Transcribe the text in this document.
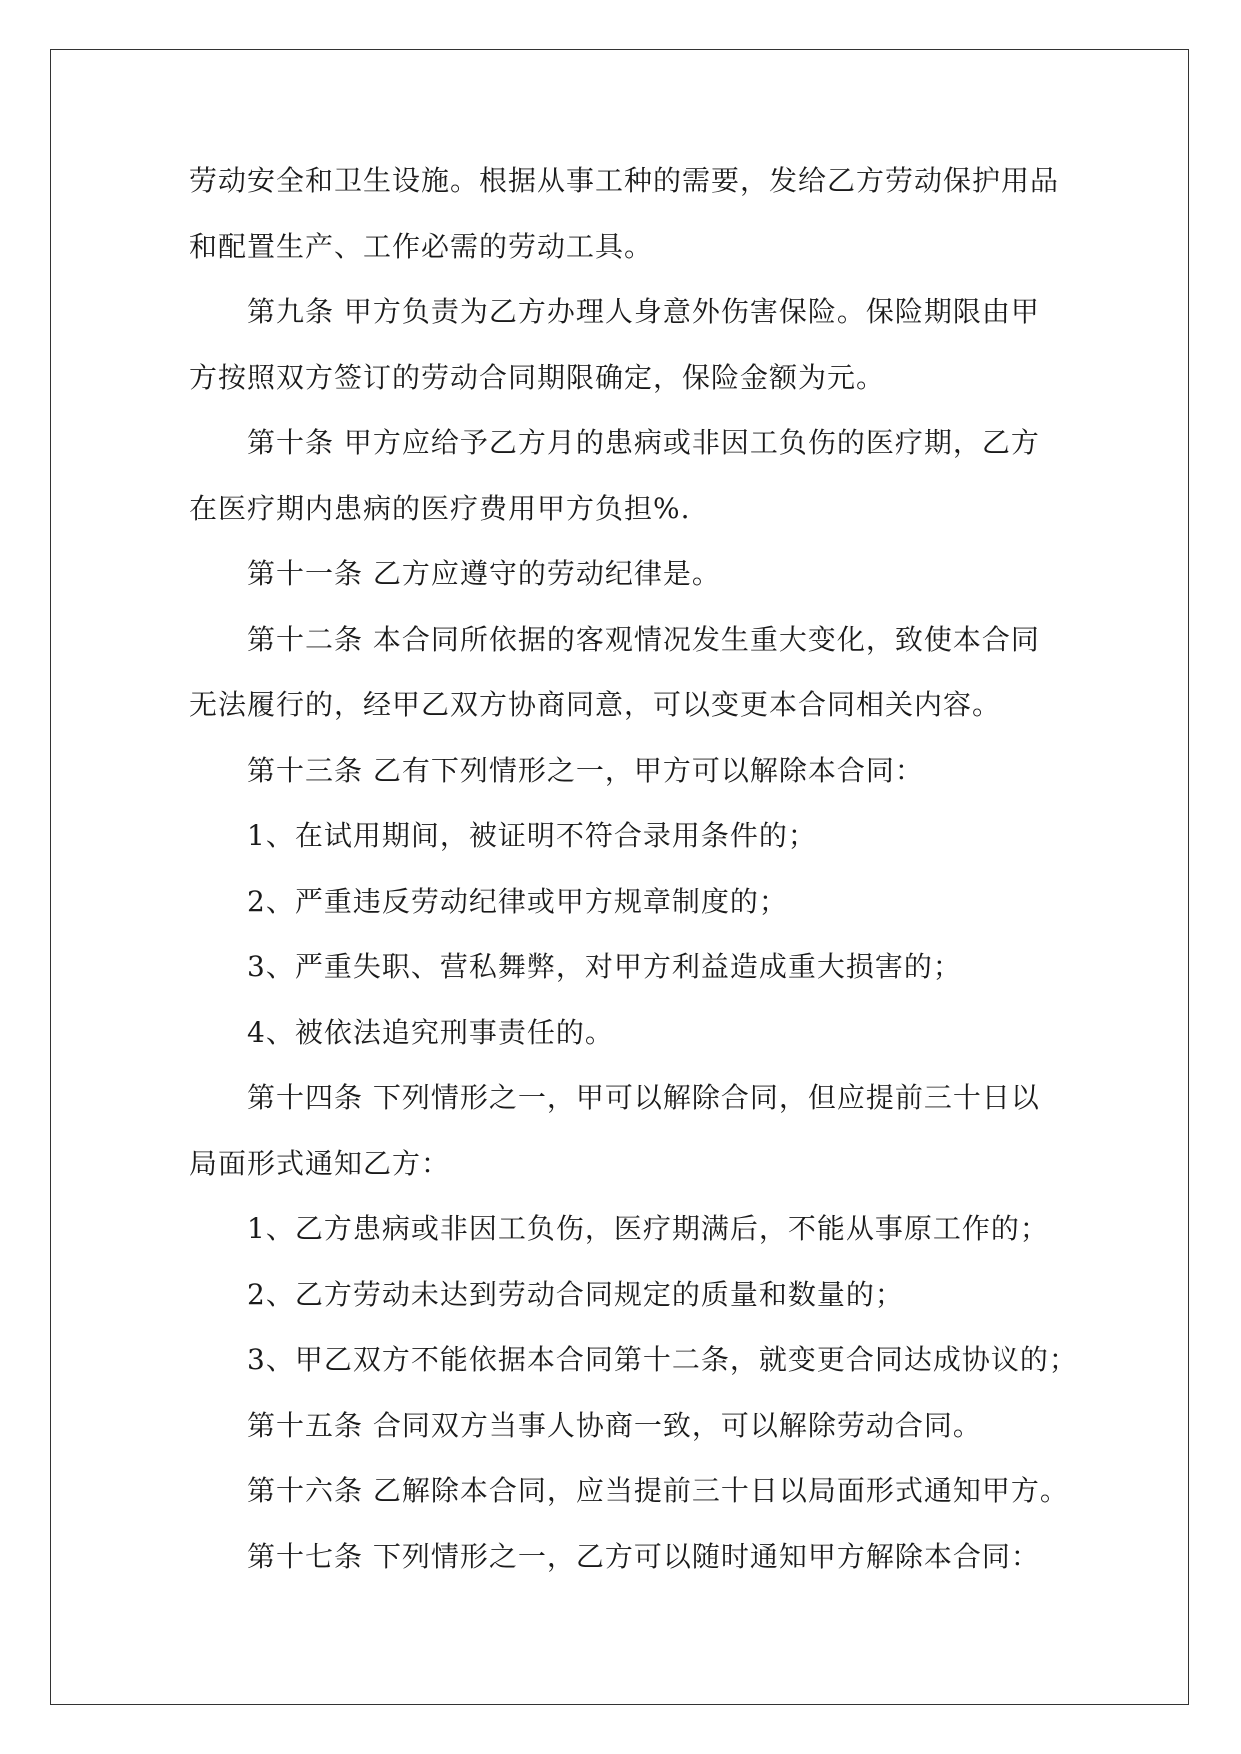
劳动安全和卫生设施。根据从事工种的需要，发给乙方劳动保护用品
和配置生产、工作必需的劳动工具。
第九条 甲方负责为乙方办理人身意外伤害保险。保险期限由甲
方按照双方签订的劳动合同期限确定，保险金额为元。
第十条 甲方应给予乙方月的患病或非因工负伤的医疗期，乙方
在医疗期内患病的医疗费用甲方负担%.
第十一条 乙方应遵守的劳动纪律是。
第十二条 本合同所依据的客观情况发生重大变化，致使本合同
无法履行的，经甲乙双方协商同意，可以变更本合同相关内容。
第十三条 乙有下列情形之一，甲方可以解除本合同：
1、在试用期间，被证明不符合录用条件的；
2、严重违反劳动纪律或甲方规章制度的；
3、严重失职、营私舞弊，对甲方利益造成重大损害的；
4、被依法追究刑事责任的。
第十四条 下列情形之一，甲可以解除合同，但应提前三十日以
局面形式通知乙方：
1、乙方患病或非因工负伤，医疗期满后，不能从事原工作的；
2、乙方劳动未达到劳动合同规定的质量和数量的；
3、甲乙双方不能依据本合同第十二条，就变更合同达成协议的；
第十五条 合同双方当事人协商一致，可以解除劳动合同。
第十六条 乙解除本合同，应当提前三十日以局面形式通知甲方。
第十七条 下列情形之一，乙方可以随时通知甲方解除本合同：
